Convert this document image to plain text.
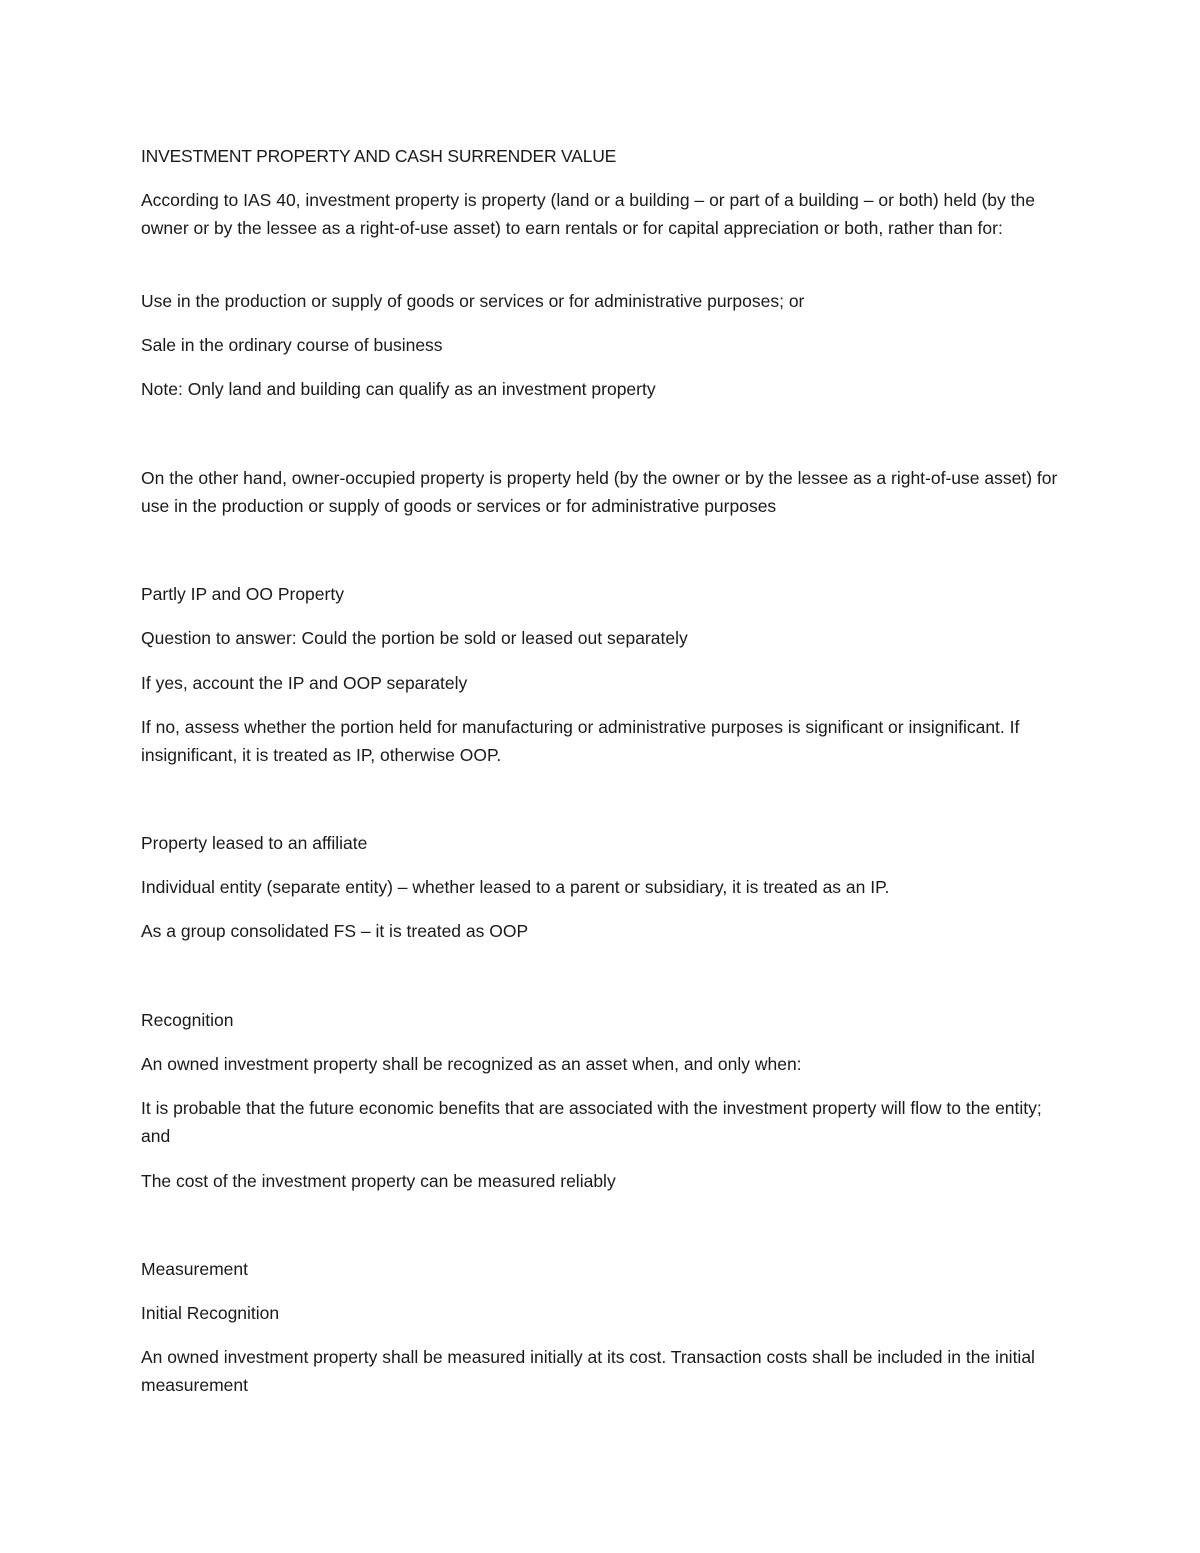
INVESTMENT PROPERTY AND CASH SURRENDER VALUE

According to IAS 40, investment property is property (land or a building – or part of a building – or both) held (by the owner or by the lessee as a right-of-use asset) to earn rentals or for capital appreciation or both, rather than for:

Use in the production or supply of goods or services or for administrative purposes; or

Sale in the ordinary course of business

Note: Only land and building can qualify as an investment property

On the other hand, owner-occupied property is property held (by the owner or by the lessee as a right-of-use asset) for use in the production or supply of goods or services or for administrative purposes

Partly IP and OO Property

Question to answer: Could the portion be sold or leased out separately

If yes, account the IP and OOP separately

If no, assess whether the portion held for manufacturing or administrative purposes is significant or insignificant. If insignificant, it is treated as IP, otherwise OOP.

Property leased to an affiliate

Individual entity (separate entity) – whether leased to a parent or subsidiary, it is treated as an IP.

As a group consolidated FS – it is treated as OOP

Recognition

An owned investment property shall be recognized as an asset when, and only when:

It is probable that the future economic benefits that are associated with the investment property will flow to the entity; and

The cost of the investment property can be measured reliably

Measurement

Initial Recognition

An owned investment property shall be measured initially at its cost. Transaction costs shall be included in the initial measurement
